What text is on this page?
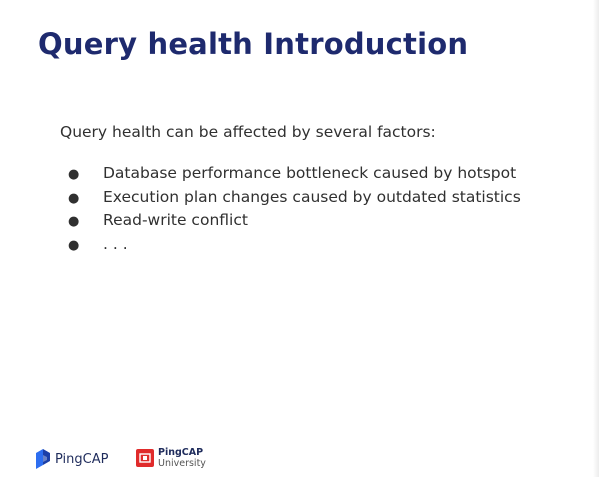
Query health Introduction
Query health can be affected by several factors:
● Database performance bottleneck caused by hotspot
● Execution plan changes caused by outdated statistics
● Read-write conflict
● . . .
PingCAP	PingCAP
University
